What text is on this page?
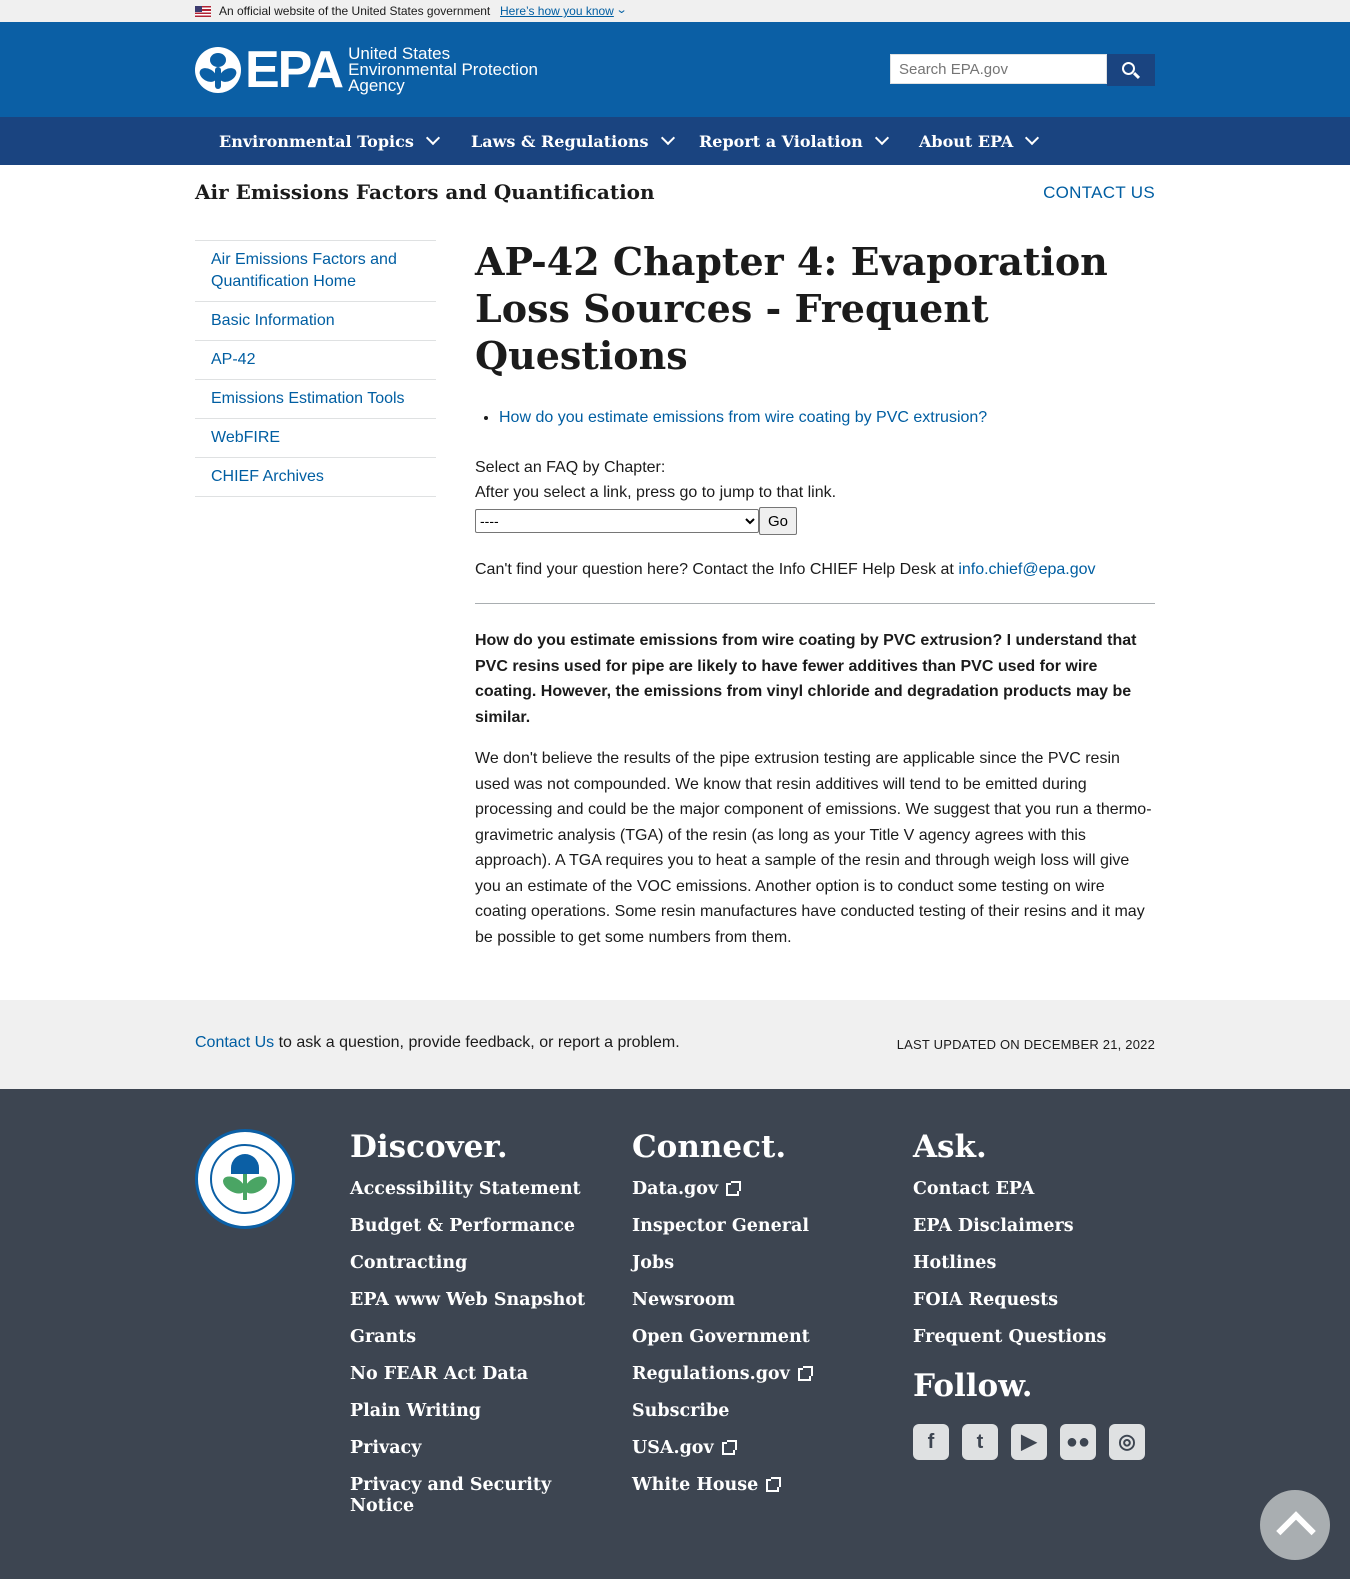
An official website of the United States government Here’s how you know ⌄
EPA United States
Environmental Protection
Agency
Search EPA.gov
Environmental Topics	Laws & Regulations	Report a Violation	About EPA
Air Emissions Factors and Quantification	CONTACT US
Air Emissions Factors and Quantification Home
Basic Information
AP-42
Emissions Estimation Tools
WebFIRE
CHIEF Archives
AP-42 Chapter 4: Evaporation Loss Sources - Frequent Questions
• How do you estimate emissions from wire coating by PVC extrusion?
Select an FAQ by Chapter:
After you select a link, press go to jump to that link.
----
Go
Can't find your question here? Contact the Info CHIEF Help Desk at info.chief@epa.gov
How do you estimate emissions from wire coating by PVC extrusion? I understand that PVC resins used for pipe are likely to have fewer additives than PVC used for wire coating. However, the emissions from vinyl chloride and degradation products may be similar.
We don't believe the results of the pipe extrusion testing are applicable since the PVC resin used was not compounded. We know that resin additives will tend to be emitted during processing and could be the major component of emissions. We suggest that you run a thermo-gravimetric analysis (TGA) of the resin (as long as your Title V agency agrees with this approach). A TGA requires you to heat a sample of the resin and through weigh loss will give you an estimate of the VOC emissions. Another option is to conduct some testing on wire coating operations. Some resin manufactures have conducted testing of their resins and it may be possible to get some numbers from them.
Contact Us to ask a question, provide feedback, or report a problem.	LAST UPDATED ON DECEMBER 21, 2022
Discover.
Accessibility Statement
Budget & Performance
Contracting
EPA www Web Snapshot
Grants
No FEAR Act Data
Plain Writing
Privacy
Privacy and Security Notice
Connect.
Data.gov
Inspector General
Jobs
Newsroom
Open Government
Regulations.gov
Subscribe
USA.gov
White House
Ask.
Contact EPA
EPA Disclaimers
Hotlines
FOIA Requests
Frequent Questions
Follow.
f	t	▶	●●	◎
